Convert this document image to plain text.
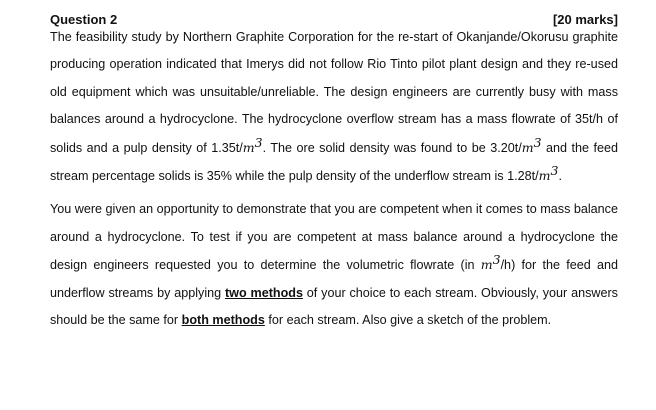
Question 2	[20 marks]

The feasibility study by Northern Graphite Corporation for the re-start of Okanjande/Okorusu graphite producing operation indicated that Imerys did not follow Rio Tinto pilot plant design and they re-used old equipment which was unsuitable/unreliable. The design engineers are currently busy with mass balances around a hydrocyclone. The hydrocyclone overflow stream has a mass flowrate of 35t/h of solids and a pulp density of $1.35t/m^3$. The ore solid density was found to be $3.20t/m^3$ and the feed stream percentage solids is 35% while the pulp density of the underflow stream is $1.28t/m^3$.

You were given an opportunity to demonstrate that you are competent when it comes to mass balance around a hydrocyclone. To test if you are competent at mass balance around a hydrocyclone the design engineers requested you to determine the volumetric flowrate (in $m^3/h$) for the feed and underflow streams by applying two methods of your choice to each stream. Obviously, your answers should be the same for both methods for each stream. Also give a sketch of the problem.
